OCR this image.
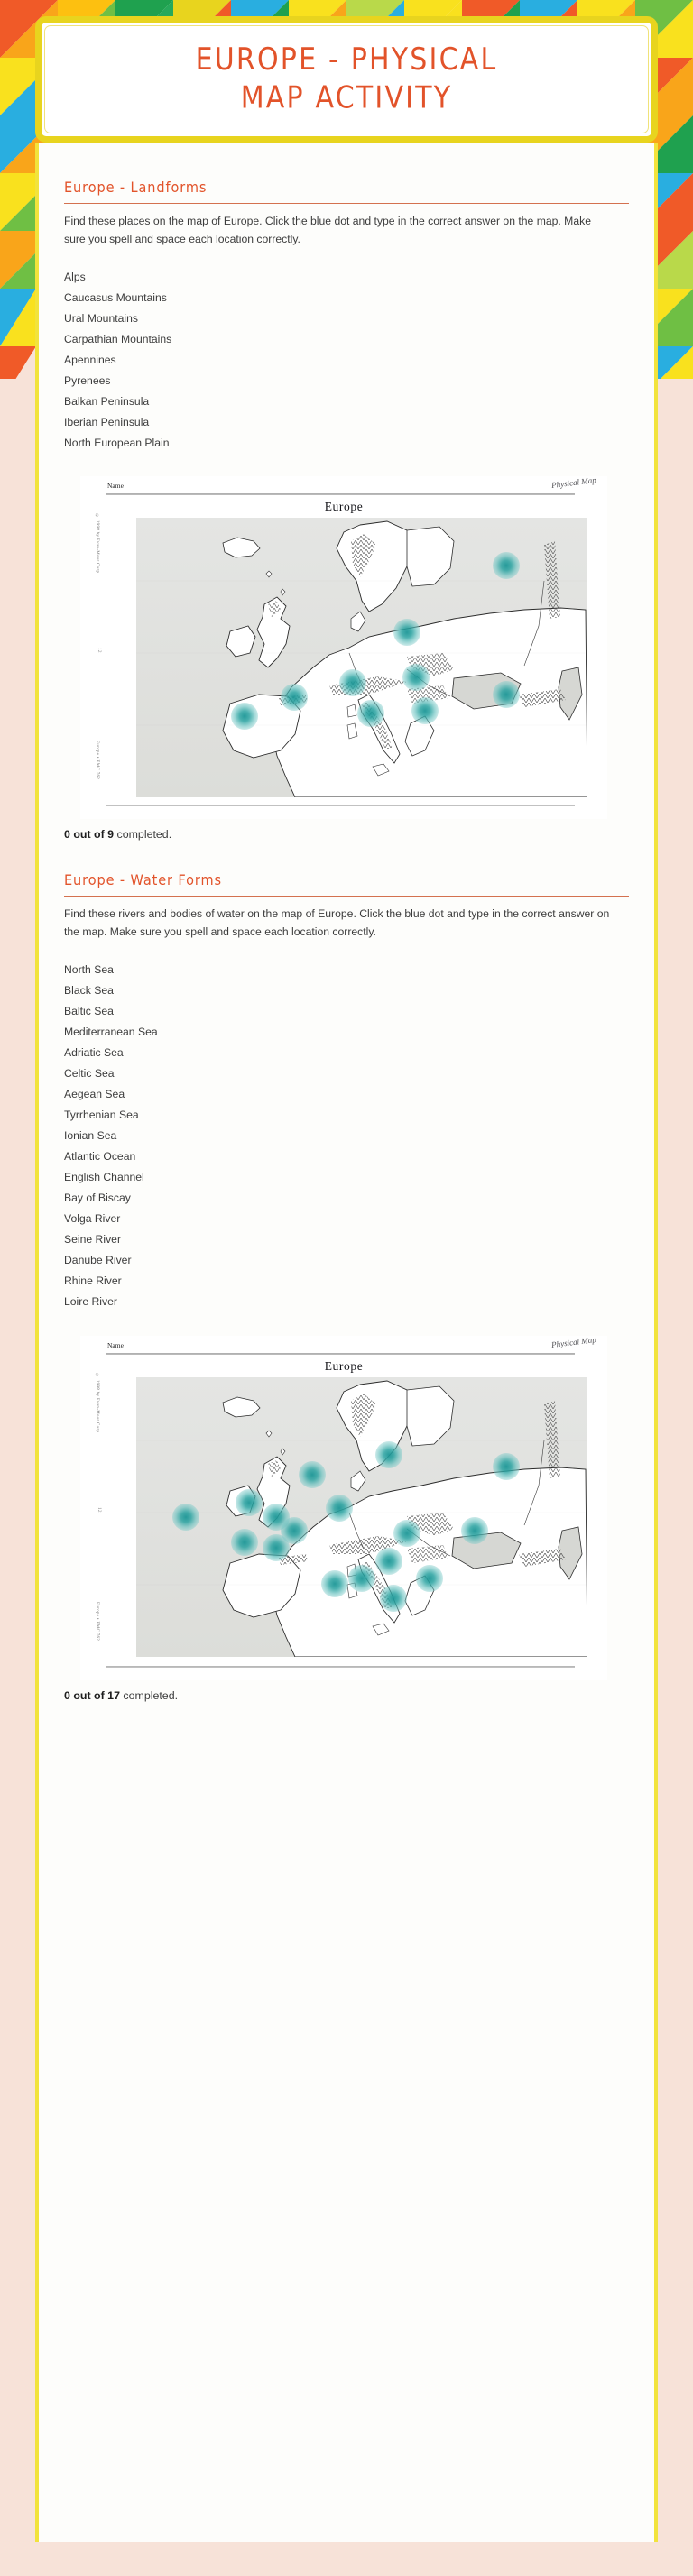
EUROPE - PHYSICAL
MAP ACTIVITY
Europe - Landforms

Find these places on the map of Europe. Click the blue dot and type in the correct answer on the map. Make sure you spell and space each location correctly.

Alps
Caucasus Mountains
Ural Mountains
Carpathian Mountains
Apennines
Pyrenees
Balkan Peninsula
Iberian Peninsula
North European Plain
Name	Physical Map
Europe
© 1998 by Evan-Moor Corp.
12
Europe • EMC 762

0 out of 9 completed.

Europe - Water Forms

Find these rivers and bodies of water on the map of Europe. Click the blue dot and type in the correct answer on the map. Make sure you spell and space each location correctly.

North Sea
Black Sea
Baltic Sea
Mediterranean Sea
Adriatic Sea
Celtic Sea
Aegean Sea
Tyrrhenian Sea
Ionian Sea
Atlantic Ocean
English Channel
Bay of Biscay
Volga River
Seine River
Danube River
Rhine River
Loire River
Name	Physical Map
Europe
© 1998 by Evan-Moor Corp.
12
Europe • EMC 762

0 out of 17 completed.
